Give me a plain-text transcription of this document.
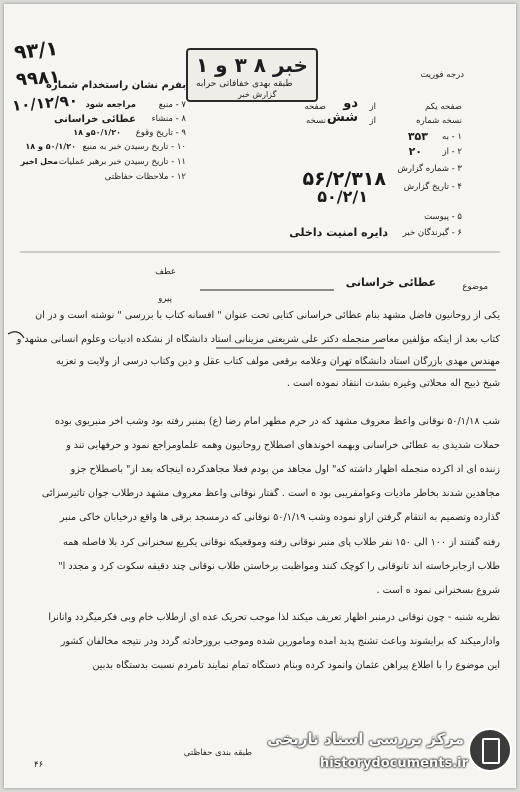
۹۳/۱
۹۹۸۱
۱۰/۱۲/۹۰
خبر ۸ ۳ و ۱
طبقه بهدی خفافاتی حرابه
گزارش خبر
درجه فوریت
بفرم نشان راستخدام شماره
۷ - منبع
مراجعه شود
۸ - منشاء
عطائی خراسانی
۹ - تاریخ وقوع
۵۰/۱/۲۰و ۱۸
۱۰ - تاریخ رسیدن خبر به منبع
۵۰/۱/۲۰ و ۱۸
۱۱ - تاریخ رسیدن خبر برهبر عملیات
محل اخیر
۱۲ - ملاحظات حفاظتی
صفحه یکم
از
دو
صفحه
نسخه شماره
از
شش
نسخه
۱ - به
۳۵۳
۲ - از
۲۰
۳ - شماره گزارش
۵۶/۲/۳۱۸ ۴ - تاریخ گزارش
۵۰/۲/۱
۵ - پیوست
۶ - گیرندگان خبر
دایره امنیت داخلی
موضوع
عطائی خراسانی
عطف
پیرو
یکی از روحانیون فاضل مشهد بنام عطائی خراسانی کتابی تحت عنوان " افسانه کتاب با بررسی " نوشته است و در آن
کتاب بعد از اینکه مؤلفین معاصر منجمله دکتر علی شریعتی مزینانی استاد دانشگاه از نشکده ادبیات وعلوم انسانی مشهد و
مهندس مهدی بازرگان استاد دانشگاه تهران وعلامه برقعی مولف کتاب عقل و دین وکتاب درسی از ولایت و تعزیه
شیخ ذبیح اله محلاتی وغیره بشدت انتقاد نموده است .
شب ۵۰/۱/۱۸ نوقانی واعظ معروف مشهد که در حرم مطهر امام رضا (ع) بمنبر رفته بود وشب آخر منبریوی بوده
حملات شدیدی به عطائی خراسانی وبهمه آخوندهای اصطلاح روحانیون وهمه علماومراجع نمود و حرفهایی تند و
زننده ای اد اکرده منجمله اظهار داشته که" اول مجاهد من بودم فعلا مجاهدکرده اینجاکه بعد از" باصطلاح جزو
مجاهدین شدند بخاطر مادیات وعوامفریبی بود ه است . گفتار نوقانی واعظ معروف مشهد درطلاب جوان تاثیرسزائی
گذارده وتصمیم به انتقام گرفتن ازاو نموده وشب ۵۰/۱/۱۹ نوقانی که درمسجد برقی ها واقع درخیابان خاکی منبر
رفته گفتند از ۱۰۰ الی ۱۵۰ نفر طلاب پای منبر نوقانی رفته وموقعیکه نوقانی یکریع سخنرانی کرد بلا فاصله همه
طلاب ازجابرخاسته اند تانوقانی را کوچک کنند ومواظبت برخاستن طلاب نوقانی چند دقیقه سکوت کرد و مجدد ا"
شروع بسخنرانی نمود ه است .
نظریه شنبه - چون نوقانی درمنبر اظهار تعریف میکند لذا موجب تحریک عده ای ازطلاب خام وبی فکرمیگردد وآنانرا
وادارمیکند که برایشوند وباعث تشنج پدید آمده ومامورین شده وموجب بروزحادثه گردد ودر نتیجه مخالفان کشور
این موضوع را با اطلاع پیراهن عثمان وانمود کرده وبنام دستگاه تمام نمایند تامردم نسبت بدستگاه بدبین
طبقه بندی حفاظتی
۴۶
مرکز بررسی اسناد تاریخی
historydocuments.ir
